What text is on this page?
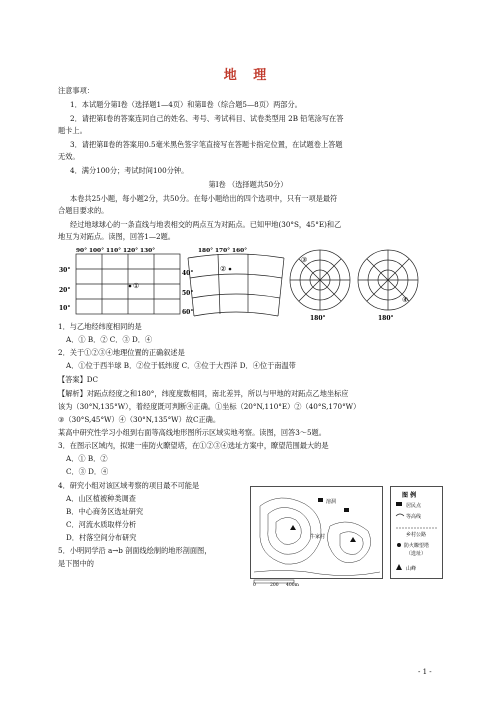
地 理
注意事项：
1．本试题分第Ⅰ卷（选择题1—4页）和第Ⅱ卷（综合题5—8页）两部分。
2．请把第Ⅰ卷的答案连同自己的姓名、考号、考试科目、试卷类型用 2B 铅笔涂写在答
题卡上。
3．请把第Ⅱ卷的答案用0.5毫米黑色签字笔直接写在答题卡指定位置，在试题卷上答题
无效。
4．满分100分；考试时间100分钟。
第Ⅰ卷 （选择题共50分）
本卷共25小题，每小题2分，共50分。在每小题给出的四个选项中，只有一项是最符
合题目要求的。
经过地球球心的一条直线与地表相交的两点互为对跖点。已知甲地(30°S，45°E)和乙
地互为对跖点。读图，回答1—2题。
90° 100° 110° 120° 130°
30°
20°
10°
①
180° 170° 160°
40°
50°
60°
②
③
180°
④
180°
1．与乙地经纬度相同的是
A．① B．② C．③ D．④
2．关于①②③④地理位置的正确叙述是
A．①位于西半球 B．②位于低纬度 C．③位于大西洋 D．④位于南温带
【答案】DC
【解析】对跖点经度之和180°，纬度度数相同，南北差异，所以与甲地的对跖点乙地坐标应
该为（30°N,135°W），着经度既可判断④正确。①坐标（20°N,110°E）②（40°S,170°W）
③（30°S,45°W）④（30°N,135°W）故C正确。
某高中研究性学习小组到右面等高线地形图所示区域实地考察。读图，回答3～5题。
3．在图示区域内，拟建一座防火瞭望塔，在①②③④选址方案中，瞭望范围最大的是
A．① B．②
C．③ D．④
4．研究小组对该区域考察的项目最不可能是
A．山区植被种类调查
B．中心商务区选址研究
C．河流水质取样分析
D．村落空间分布研究
5．小明同学沿 a→b 剖面线绘制的地形剖面图，
是下图中的
溶洞
牛家村
0	200 400m
图 例
居民点
等高线
乡村公路
防火瞭望塔
（选址）
山峰
- 1 -
